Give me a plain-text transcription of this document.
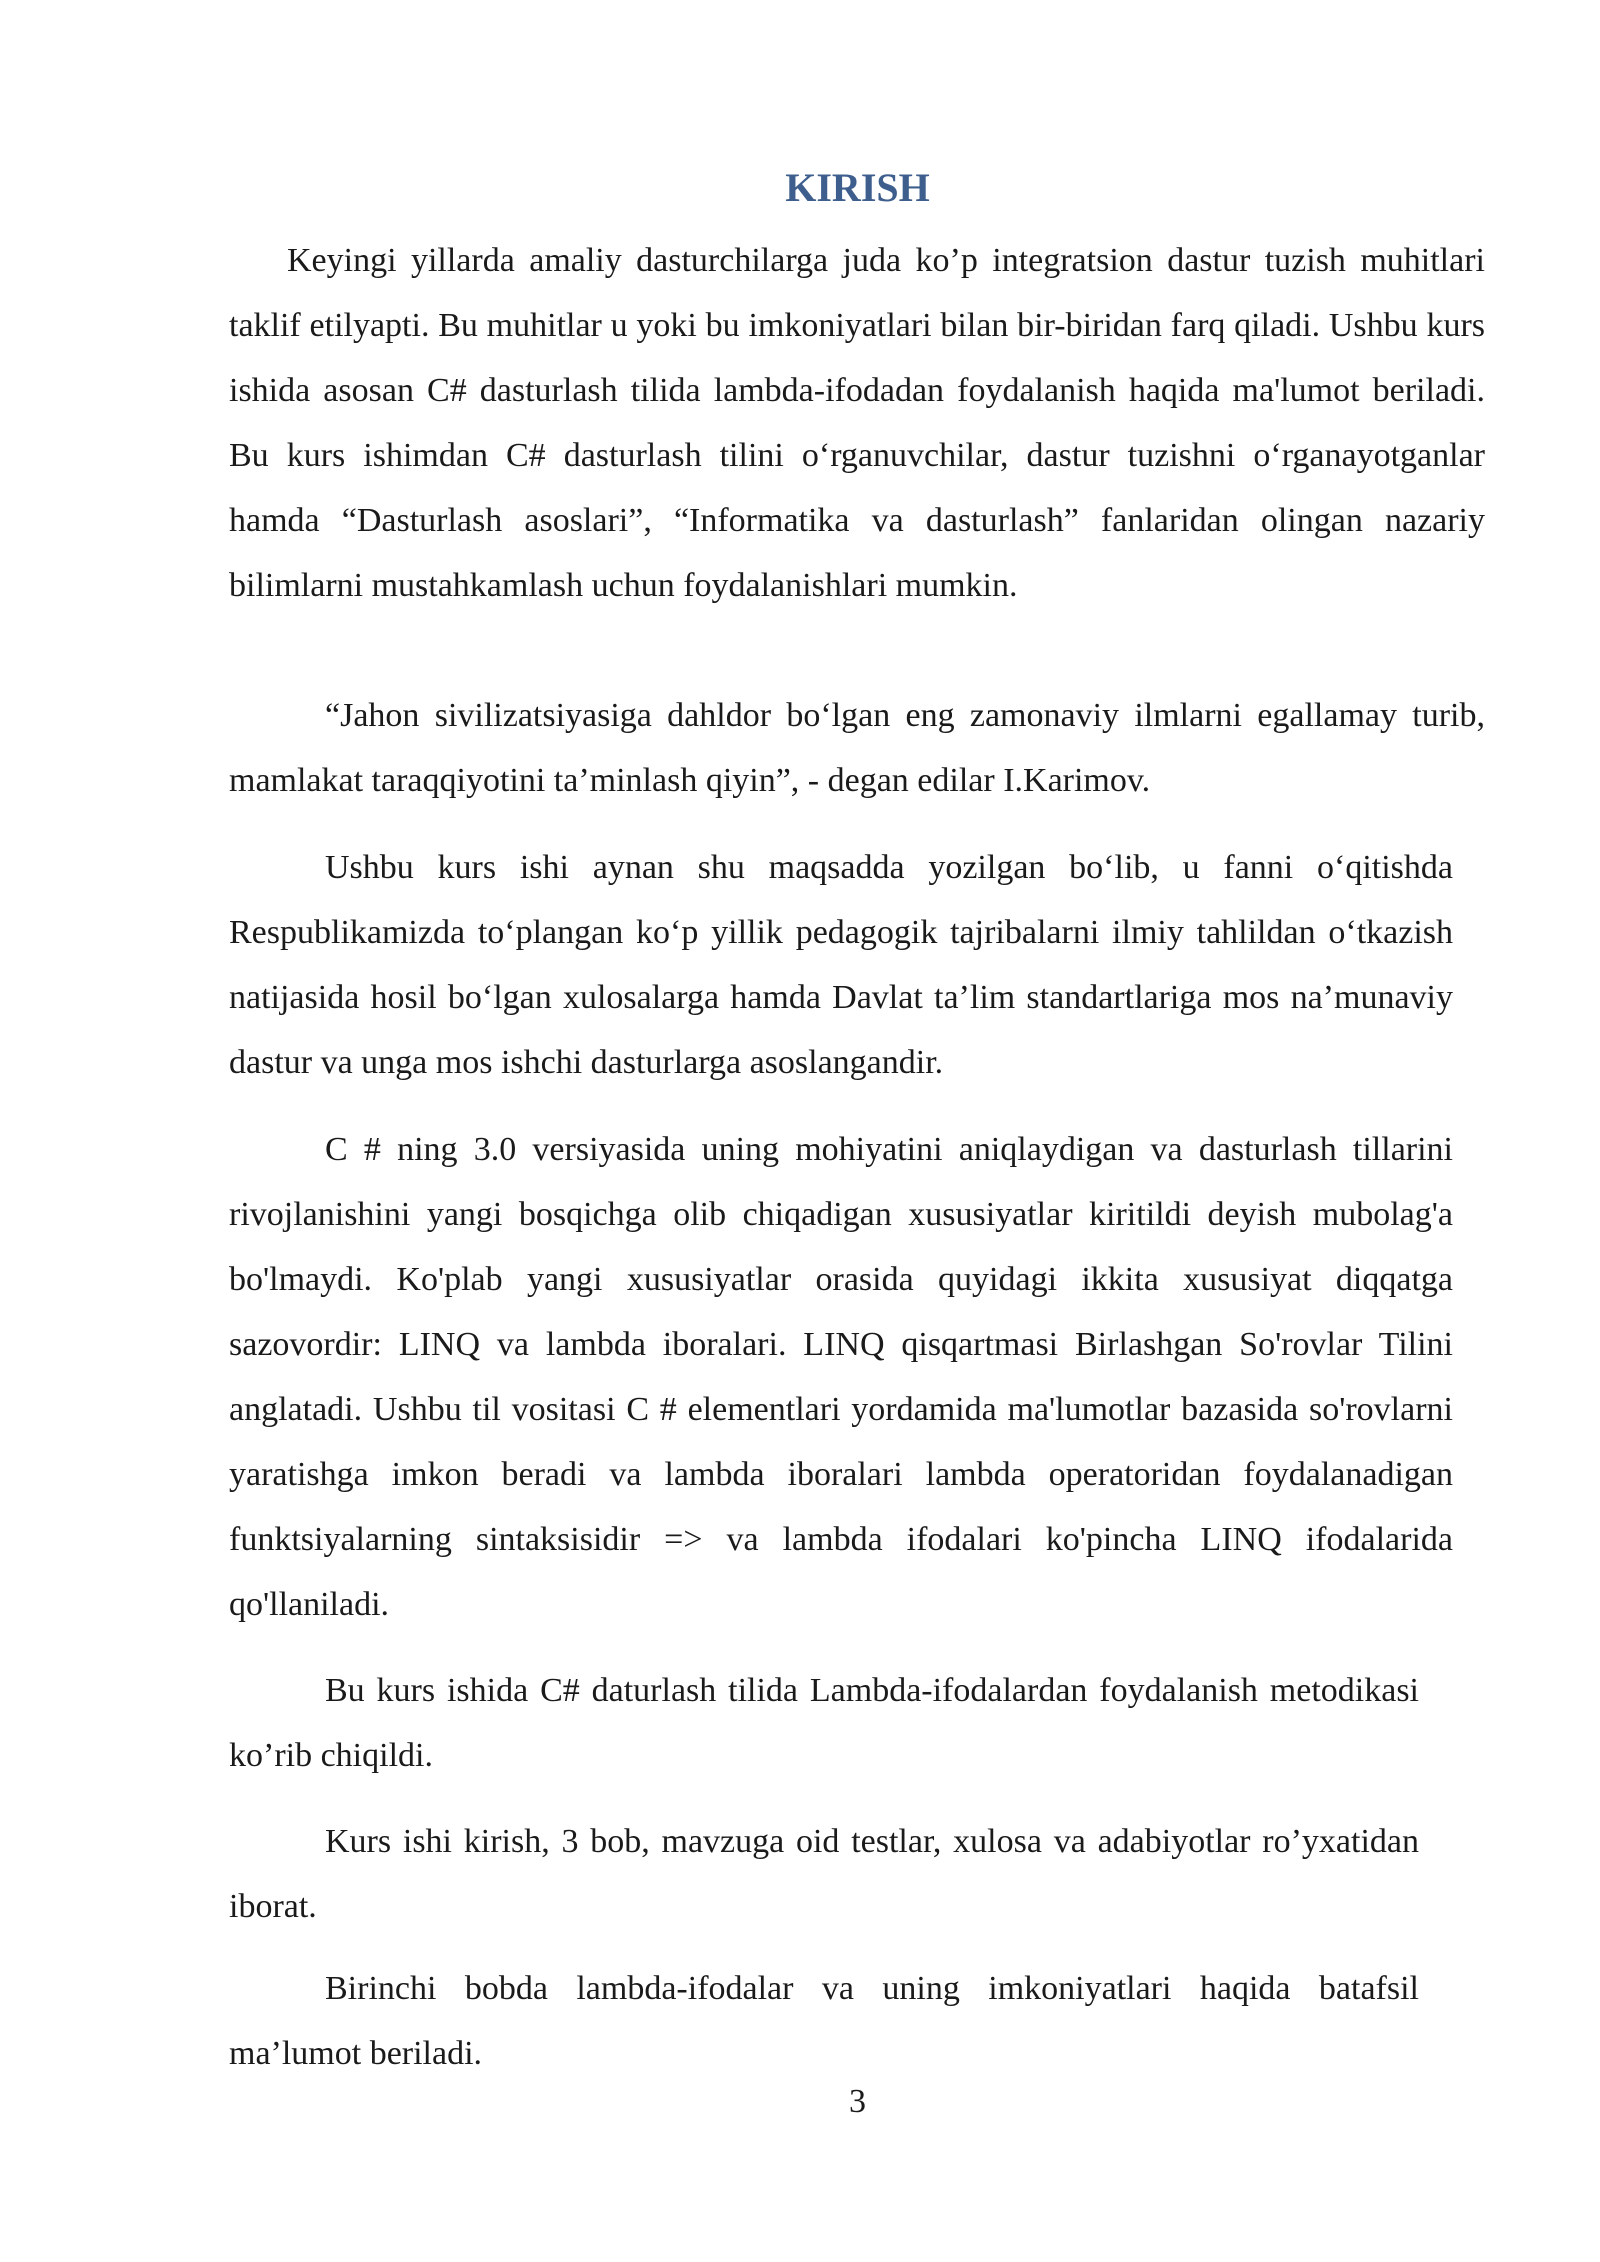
KIRISH

Keyingi yillarda amaliy dasturchilarga juda ko’p integratsion dastur tuzish muhitlari taklif etilyapti. Bu muhitlar u yoki bu imkoniyatlari bilan bir-biridan farq qiladi. Ushbu kurs ishida asosan C# dasturlash tilida lambda-ifodadan foydalanish haqida ma'lumot beriladi. Bu kurs ishimdan C# dasturlash tilini o‘rganuvchilar, dastur tuzishni o‘rganayotganlar hamda “Dasturlash asoslari”, “Informatika va dasturlash” fanlaridan olingan nazariy bilimlarni mustahkamlash uchun foydalanishlari mumkin.

“Jahon sivilizatsiyasiga dahldor bo‘lgan eng zamonaviy ilmlarni egallamay turib, mamlakat taraqqiyotini ta’minlash qiyin”, - degan edilar I.Karimov.

Ushbu kurs ishi aynan shu maqsadda yozilgan bo‘lib, u fanni o‘qitishda Respublikamizda to‘plangan ko‘p yillik pedagogik tajribalarni ilmiy tahlildan o‘tkazish natijasida hosil bo‘lgan xulosalarga hamda Davlat ta’lim standartlariga mos na’munaviy dastur va unga mos ishchi dasturlarga asoslangandir.

C # ning 3.0 versiyasida uning mohiyatini aniqlaydigan va dasturlash tillarini rivojlanishini yangi bosqichga olib chiqadigan xususiyatlar kiritildi deyish mubolag'a bo'lmaydi. Ko'plab yangi xususiyatlar orasida quyidagi ikkita xususiyat diqqatga sazovordir: LINQ va lambda iboralari. LINQ qisqartmasi Birlashgan So'rovlar Tilini anglatadi. Ushbu til vositasi C # elementlari yordamida ma'lumotlar bazasida so'rovlarni yaratishga imkon beradi va lambda iboralari lambda operatoridan foydalanadigan funktsiyalarning sintaksisidir => va lambda ifodalari ko'pincha LINQ ifodalarida qo'llaniladi.

Bu kurs ishida C# daturlash tilida Lambda-ifodalardan foydalanish metodikasi ko’rib chiqildi.

Kurs ishi kirish, 3 bob, mavzuga oid testlar, xulosa va adabiyotlar ro’yxatidan iborat.

Birinchi bobda lambda-ifodalar va uning imkoniyatlari haqida batafsil ma’lumot beriladi.

3
